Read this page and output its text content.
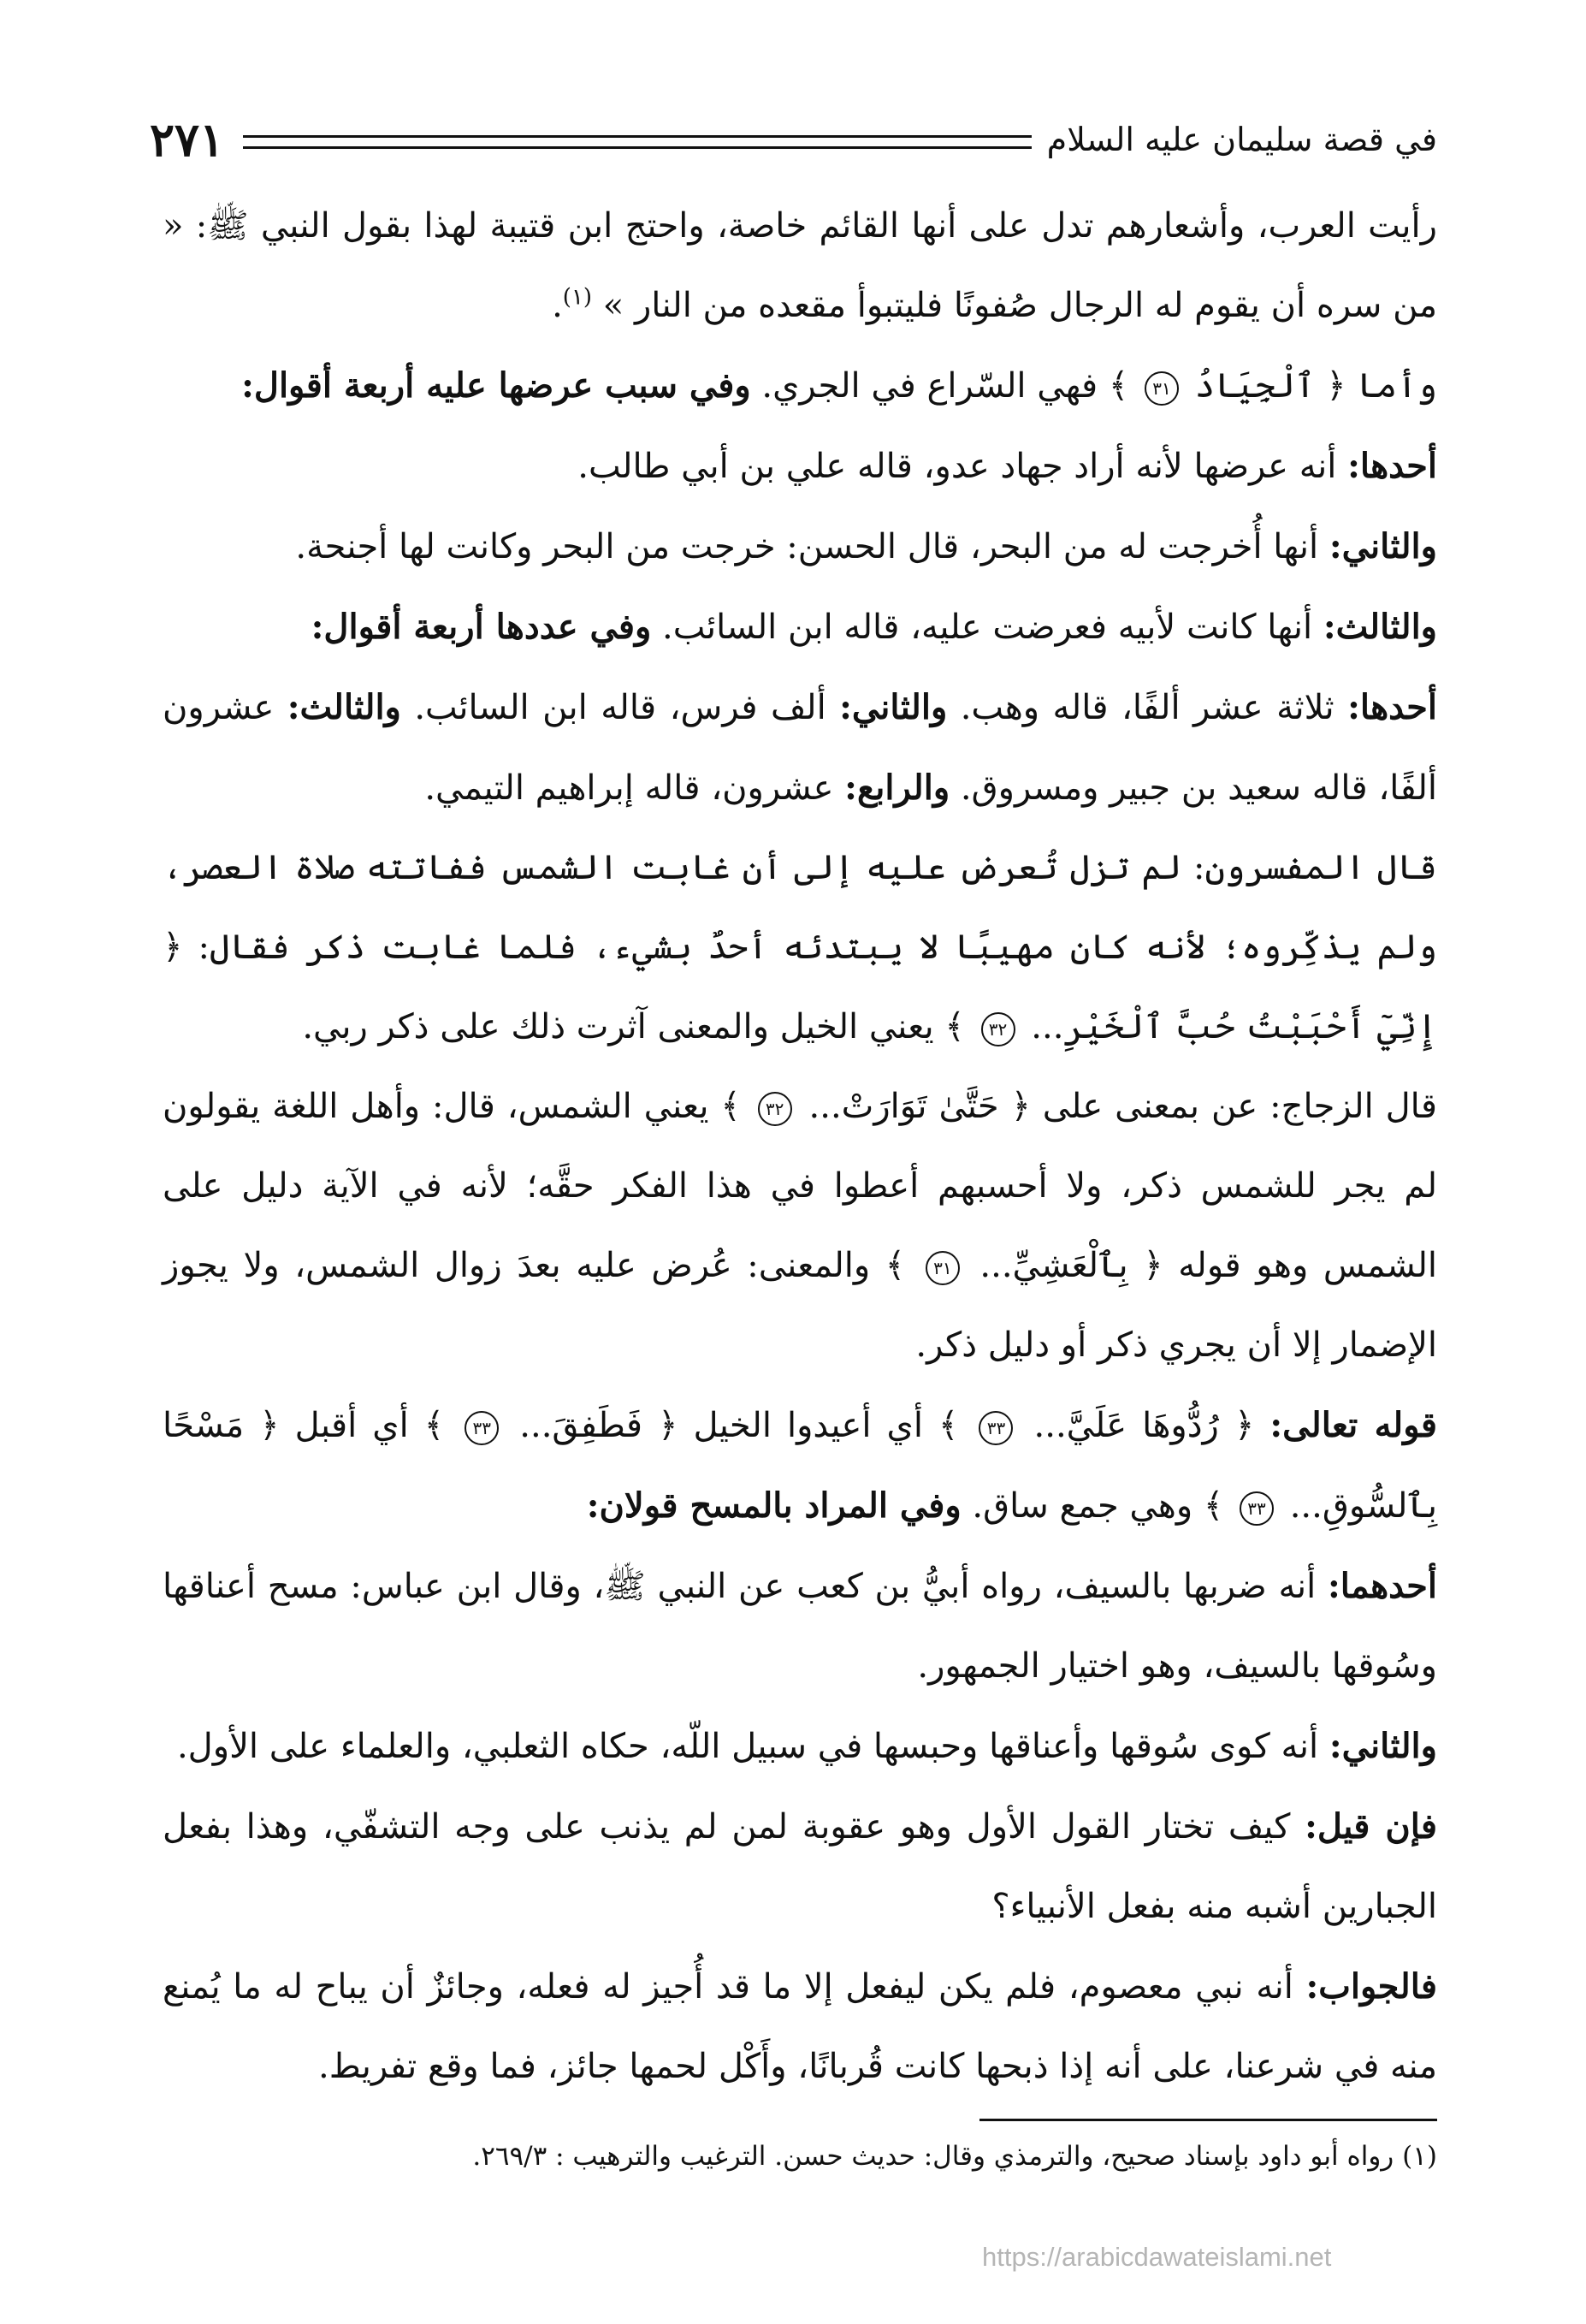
في قصة سليمان عليه السلام
٢٧١

رأيت العرب، وأشعارهم تدل على أنها القائم خاصة، واحتج ابن قتيبة لهذا بقول النبي ﷺ: « من سره أن يقوم له الرجال صُفونًا فليتبوأ مقعده من النار » $^{(١)}$.

وأما ﴿ ٱلْجِيَادُ ٣١ ﴾ فهي السّراع في الجري. وفي سبب عرضها عليه أربعة أقوال:

أحدها: أنه عرضها لأنه أراد جهاد عدو، قاله علي بن أبي طالب.

والثاني: أنها أُخرجت له من البحر، قال الحسن: خرجت من البحر وكانت لها أجنحة.

والثالث: أنها كانت لأبيه فعرضت عليه، قاله ابن السائب. وفي عددها أربعة أقوال:

أحدها: ثلاثة عشر ألفًا، قاله وهب. والثاني: ألف فرس، قاله ابن السائب. والثالث: عشرون ألفًا، قاله سعيد بن جبير ومسروق. والرابع: عشرون، قاله إبراهيم التيمي.

قال المفسرون: لم تزل تُعرض عليه إلى أن غابت الشمس ففاتته صلاة العصر، ولم يذكِّروه؛ لأنه كان مهيبًا لا يبتدئه أحدٌ بشيء، فلما غابت ذكر فقال: ﴿ إِنِّيٓ أَحْبَبْتُ حُبَّ ٱلْخَيْرِ... ٣٢ ﴾ يعني الخيل والمعنى آثرت ذلك على ذكر ربي.

قال الزجاج: عن بمعنى على ﴿ حَتَّىٰ تَوَارَتْ... ٣٢ ﴾ يعني الشمس، قال: وأهل اللغة يقولون لم يجر للشمس ذكر، ولا أحسبهم أعطوا في هذا الفكر حقَّه؛ لأنه في الآية دليل على الشمس وهو قوله ﴿ بِٱلْعَشِيِّ... ٣١ ﴾ والمعنى: عُرض عليه بعدَ زوال الشمس، ولا يجوز الإضمار إلا أن يجري ذكر أو دليل ذكر.

قوله تعالى: ﴿ رُدُّوهَا عَلَيَّ... ٣٣ ﴾ أي أعيدوا الخيل ﴿ فَطَفِقَ... ٣٣ ﴾ أي أقبل ﴿ مَسْحًا بِٱلسُّوقِ... ٣٣ ﴾ وهي جمع ساق. وفي المراد بالمسح قولان:

أحدهما: أنه ضربها بالسيف، رواه أبيُّ بن كعب عن النبي ﷺ، وقال ابن عباس: مسح أعناقها وسُوقها بالسيف، وهو اختيار الجمهور.

والثاني: أنه كوى سُوقها وأعناقها وحبسها في سبيل اللّه، حكاه الثعلبي، والعلماء على الأول.

فإن قيل: كيف تختار القول الأول وهو عقوبة لمن لم يذنب على وجه التشفّي، وهذا بفعل الجبارين أشبه منه بفعل الأنبياء؟

فالجواب: أنه نبي معصوم، فلم يكن ليفعل إلا ما قد أُجيز له فعله، وجائزٌ أن يباح له ما يُمنع منه في شرعنا، على أنه إذا ذبحها كانت قُربانًا، وأَكْل لحمها جائز، فما وقع تفريط.

(١) رواه أبو داود بإسناد صحيح، والترمذي وقال: حديث حسن. الترغيب والترهيب : ٢٦٩/٣.
https://arabicdawateislami.net
